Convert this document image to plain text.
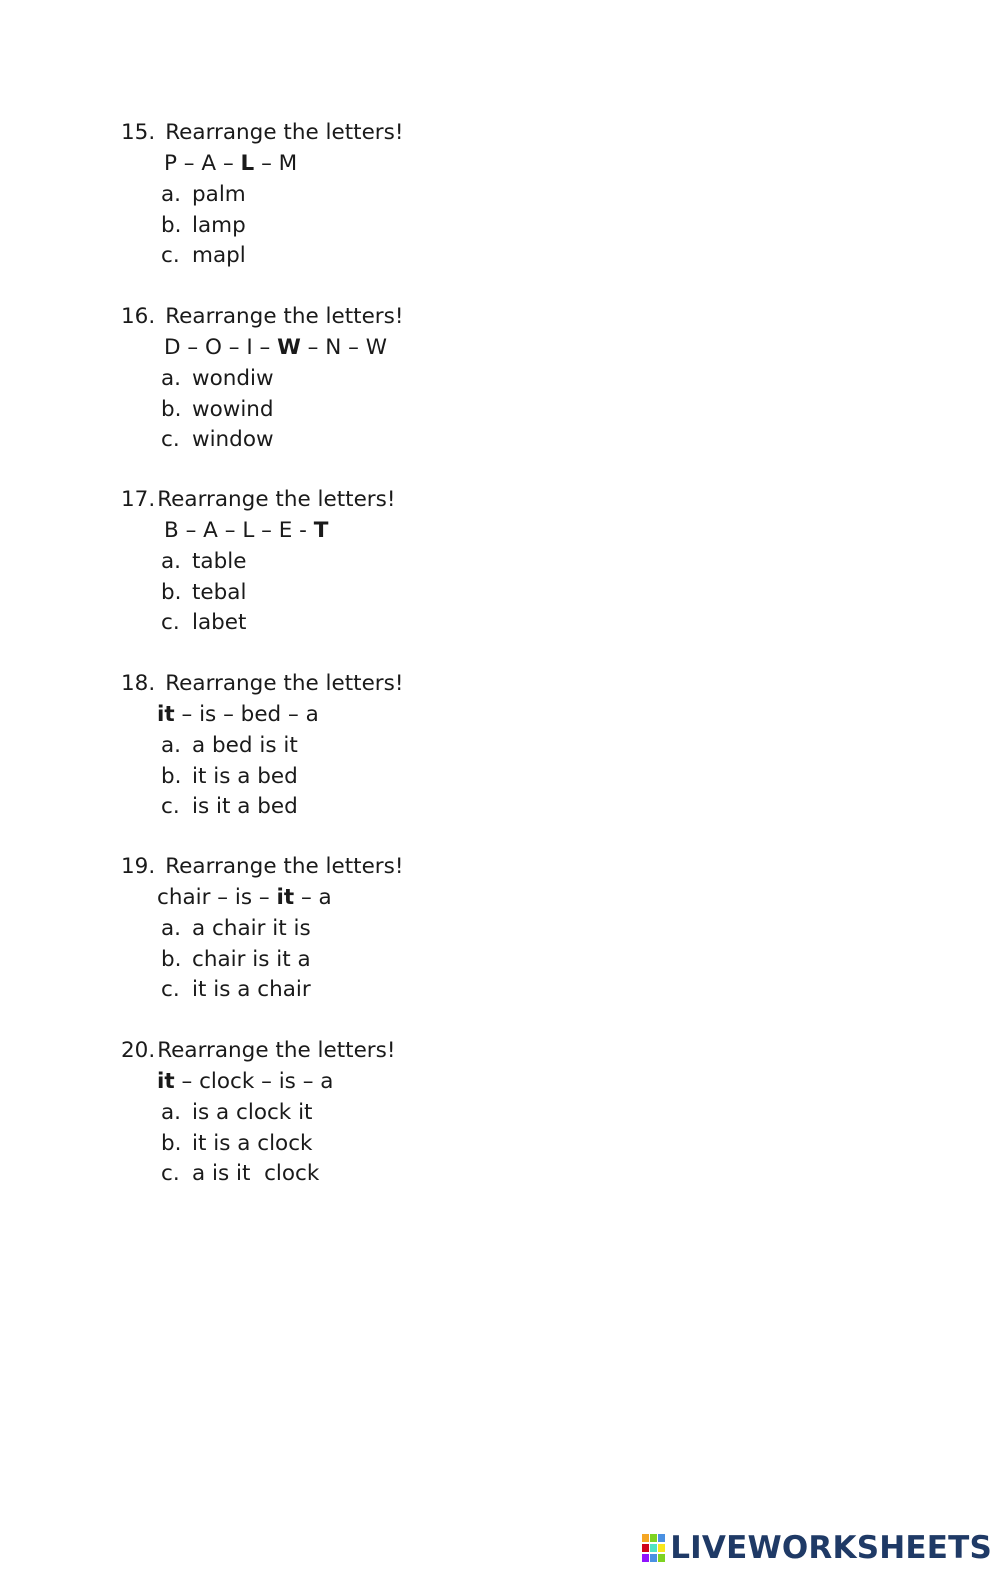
15. Rearrange the letters!
P – A – L – M
a. palm
b. lamp
c. mapl
16. Rearrange the letters!
D – O – I – W – N – W
a. wondiw
b. wowind
c. window
17.Rearrange the letters!
B – A – L – E - T
a. table
b. tebal
c. labet
18. Rearrange the letters!
it – is – bed – a
a. a bed is it
b. it is a bed
c. is it a bed
19. Rearrange the letters!
chair – is – it – a
a. a chair it is
b. chair is it a
c. it is a chair
20.Rearrange the letters!
it – clock – is – a
a. is a clock it
b. it is a clock
c. a is it  clock
LIVEWORKSHEETS
